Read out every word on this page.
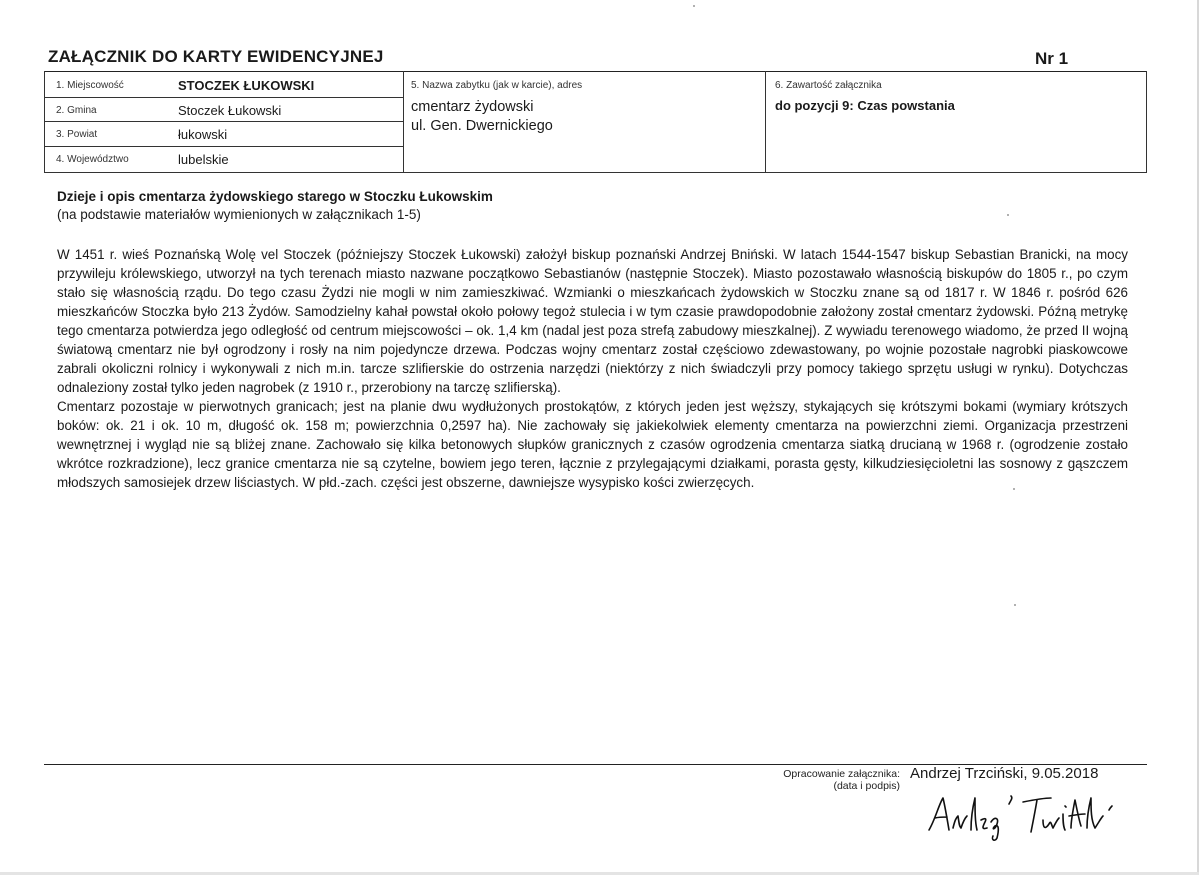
ZAŁĄCZNIK DO KARTY EWIDENCYJNEJ	Nr 1
1. Miejscowość	STOCZEK ŁUKOWSKI
2. Gmina	Stoczek Łukowski
3. Powiat	łukowski
4. Województwo	lubelskie
5. Nazwa zabytku (jak w karcie), adres
cmentarz żydowski
ul. Gen. Dwernickiego
6. Zawartość załącznika
do pozycji 9: Czas powstania
Dzieje i opis cmentarza żydowskiego starego w Stoczku Łukowskim
(na podstawie materiałów wymienionych w załącznikach 1-5)

W 1451 r. wieś Poznańską Wolę vel Stoczek (późniejszy Stoczek Łukowski) założył biskup poznański Andrzej Bniński. W latach 1544-1547 biskup Sebastian Branicki, na mocy przywileju królewskiego, utworzył na tych terenach miasto nazwane początkowo Sebastianów (następnie Stoczek). Miasto pozostawało własnością biskupów do 1805 r., po czym stało się własnością rządu. Do tego czasu Żydzi nie mogli w nim zamieszkiwać. Wzmianki o mieszkańcach żydowskich w Stoczku znane są od 1817 r. W 1846 r. pośród 626 mieszkańców Stoczka było 213 Żydów. Samodzielny kahał powstał około połowy tegoż stulecia i w tym czasie prawdopodobnie założony został cmentarz żydowski. Późną metrykę tego cmentarza potwierdza jego odległość od centrum miejscowości – ok. 1,4 km (nadal jest poza strefą zabudowy mieszkalnej). Z wywiadu terenowego wiadomo, że przed II wojną światową cmentarz nie był ogrodzony i rosły na nim pojedyncze drzewa. Podczas wojny cmentarz został częściowo zdewastowany, po wojnie pozostałe nagrobki piaskowcowe zabrali okoliczni rolnicy i wykonywali z nich m.in. tarcze szlifierskie do ostrzenia narzędzi (niektórzy z nich świadczyli przy pomocy takiego sprzętu usługi w rynku). Dotychczas odnaleziony został tylko jeden nagrobek (z 1910 r., przerobiony na tarczę szlifierską).

Cmentarz pozostaje w pierwotnych granicach; jest na planie dwu wydłużonych prostokątów, z których jeden jest węższy, stykających się krótszymi bokami (wymiary krótszych boków: ok. 21 i ok. 10 m, długość ok. 158 m; powierzchnia 0,2597 ha). Nie zachowały się jakiekolwiek elementy cmentarza na powierzchni ziemi. Organizacja przestrzeni wewnętrznej i wygląd nie są bliżej znane. Zachowało się kilka betonowych słupków granicznych z czasów ogrodzenia cmentarza siatką drucianą w 1968 r. (ogrodzenie zostało wkrótce rozkradzione), lecz granice cmentarza nie są czytelne, bowiem jego teren, łącznie z przylegającymi działkami, porasta gęsty, kilkudziesięcioletni las sosnowy z gąszczem młodszych samosiejek drzew liściastych. W płd.-zach. części jest obszerne, dawniejsze wysypisko kości zwierzęcych.

Opracowanie załącznika:
(data i podpis)
Andrzej Trzciński, 9.05.2018
